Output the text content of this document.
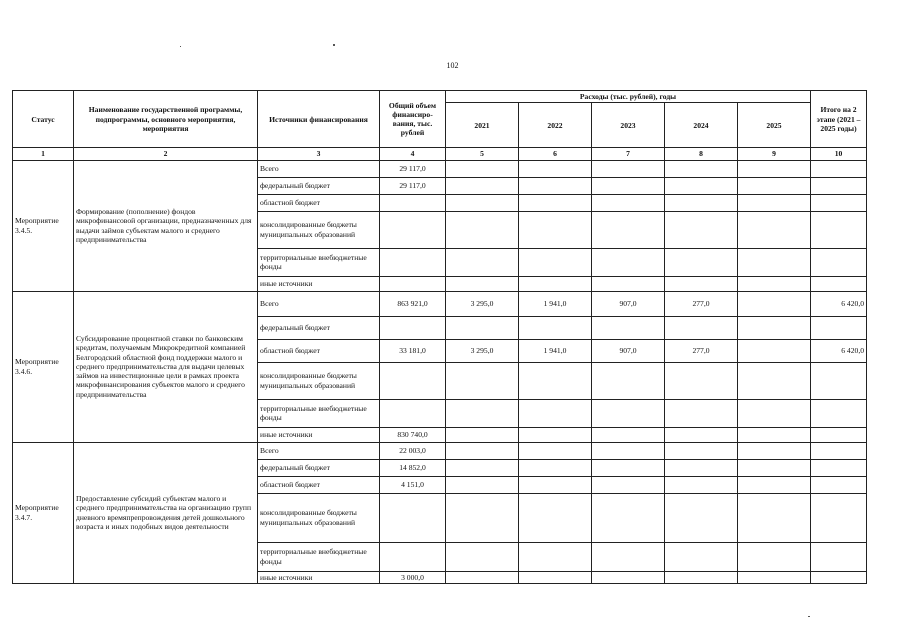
102
Статус	Наименование государственной программы, подпрограммы, основного мероприятия, мероприятия	Источники финансирования	Общий объем финансиро-вания, тыс. рублей	Расходы (тыс. рублей), годы					Итого на 2 этапе (2021 – 2025 годы)
				2021	2022	2023	2024	2025	
1	2	3	4	5	6	7	8	9	10
Мероприятие 3.4.5.	Формирование (пополнение) фондов микрофинансовой организации, предназначенных для выдачи займов субъектам малого и среднего предпринимательства	Всего	29 117,0						
		федеральный бюджет	29 117,0						
		областной бюджет							
		консолидированные бюджеты муниципальных образований							
		территориальные внебюджетные фонды							
		иные источники							
Мероприятие 3.4.6.	Субсидирование процентной ставки по банковским кредитам, получаемым Микрокредитной компанией Белгородский областной фонд поддержки малого и среднего предпринимательства для выдачи целевых займов на инвестиционные цели в рамках проекта микрофинансирования субъектов малого и среднего предпринимательства	Всего	863 921,0	3 295,0	1 941,0	907,0	277,0		6 420,0
		федеральный бюджет							
		областной бюджет	33 181,0	3 295,0	1 941,0	907,0	277,0		6 420,0
		консолидированные бюджеты муниципальных образований							
		территориальные внебюджетные фонды							
		иные источники	830 740,0						
Мероприятие 3.4.7.	Предоставление субсидий субъектам малого и среднего предпринимательства на организацию групп дневного времяпрепровождения детей дошкольного возраста и иных подобных видов деятельности	Всего	22 003,0						
		федеральный бюджет	14 852,0						
		областной бюджет	4 151,0						
		консолидированные бюджеты муниципальных образований							
		территориальные внебюджетные фонды							
		иные источники	3 000,0						
